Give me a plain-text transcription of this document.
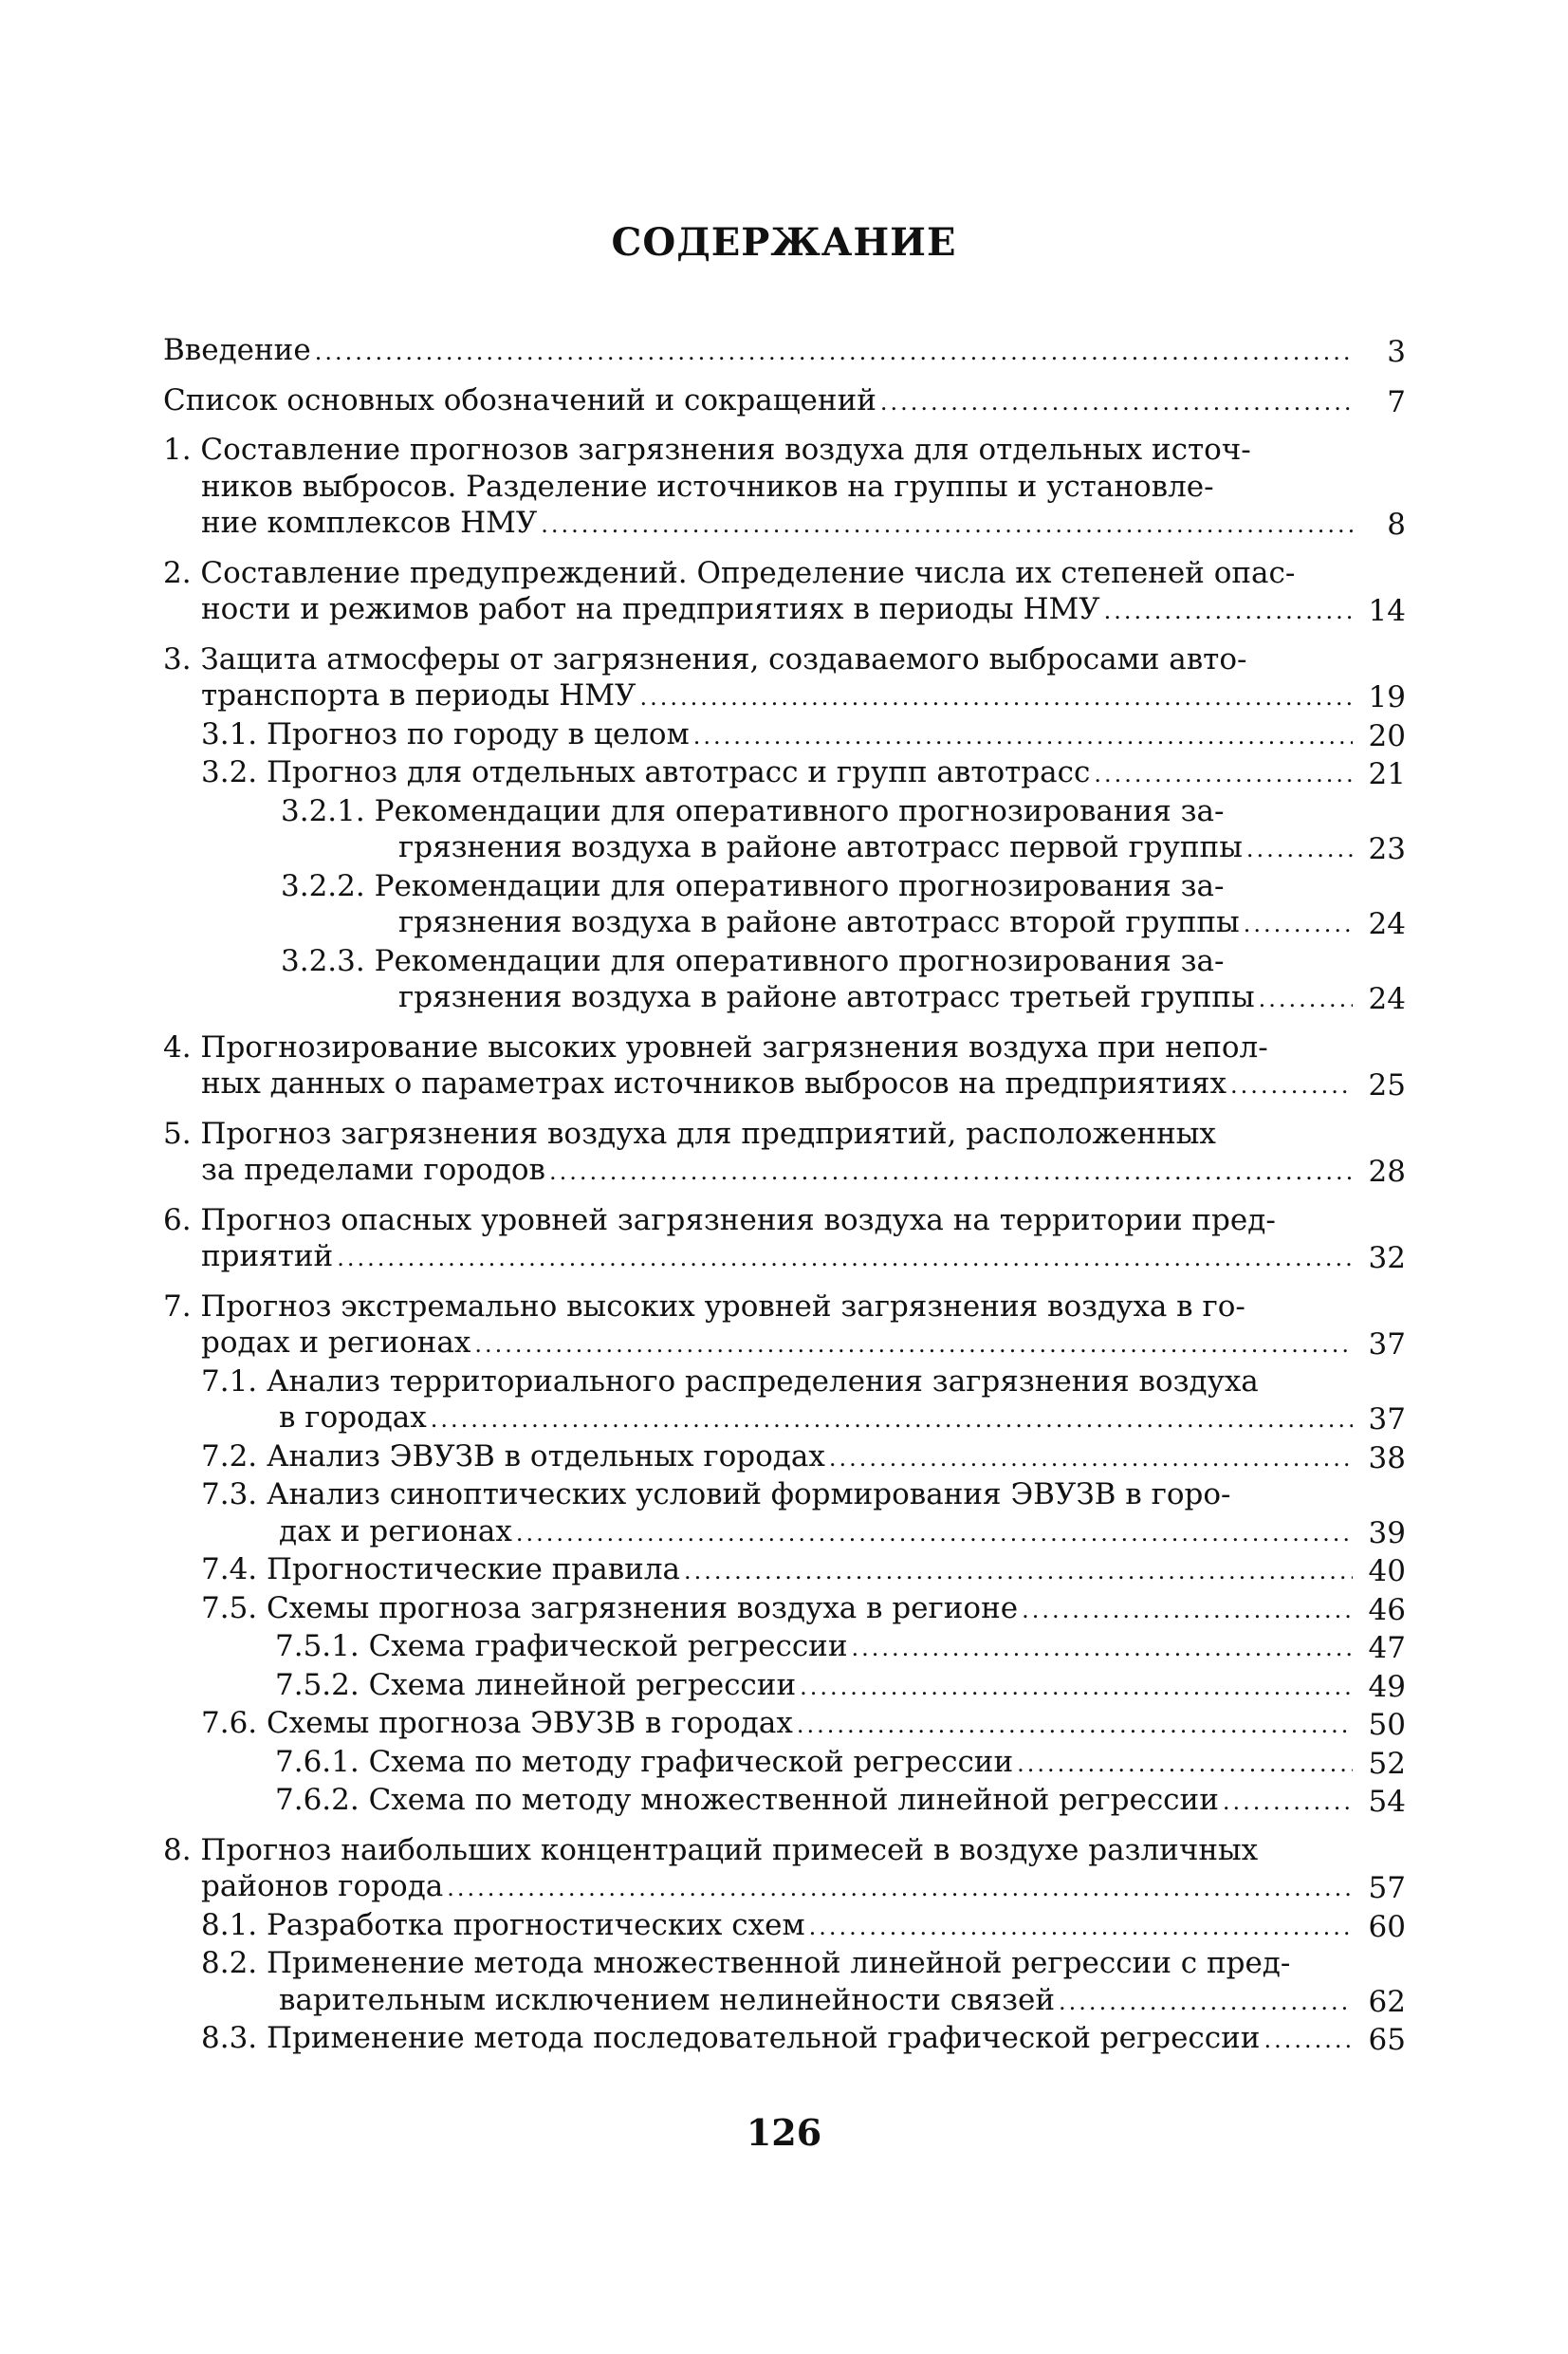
СОДЕРЖАНИЕ
Введение .....	3
Список основных обозначений и сокращений .....	7
1. Составление прогнозов загрязнения воздуха для отдельных источ-
ников выбросов. Разделение источников на группы и установле-
ние комплексов НМУ .....	8
2. Составление предупреждений. Определение числа их степеней опас-
ности и режимов работ на предприятиях в периоды НМУ .....	14
3. Защита атмосферы от загрязнения, создаваемого выбросами авто-
транспорта в периоды НМУ .....	19
3.1. Прогноз по городу в целом .....	20
3.2. Прогноз для отдельных автотрасс и групп автотрасс .....	21
3.2.1. Рекомендации для оперативного прогнозирования за-
грязнения воздуха в районе автотрасс первой группы .....	23
3.2.2. Рекомендации для оперативного прогнозирования за-
грязнения воздуха в районе автотрасс второй группы .....	24
3.2.3. Рекомендации для оперативного прогнозирования за-
грязнения воздуха в районе автотрасс третьей группы .....	24
4. Прогнозирование высоких уровней загрязнения воздуха при непол-
ных данных о параметрах источников выбросов на предприятиях .....	25
5. Прогноз загрязнения воздуха для предприятий, расположенных
за пределами городов .....	28
6. Прогноз опасных уровней загрязнения воздуха на территории пред-
приятий .....	32
7. Прогноз экстремально высоких уровней загрязнения воздуха в го-
родах и регионах .....	37
7.1. Анализ территориального распределения загрязнения воздуха
в городах .....	37
7.2. Анализ ЭВУЗВ в отдельных городах .....	38
7.3. Анализ синоптических условий формирования ЭВУЗВ в горо-
дах и регионах .....	39
7.4. Прогностические правила .....	40
7.5. Схемы прогноза загрязнения воздуха в регионе .....	46
7.5.1. Схема графической регрессии .....	47
7.5.2. Схема линейной регрессии .....	49
7.6. Схемы прогноза ЭВУЗВ в городах .....	50
7.6.1. Схема по методу графической регрессии .....	52
7.6.2. Схема по методу множественной линейной регрессии .....	54
8. Прогноз наибольших концентраций примесей в воздухе различных
районов города .....	57
8.1. Разработка прогностических схем .....	60
8.2. Применение метода множественной линейной регрессии с пред-
варительным исключением нелинейности связей .....	62
8.3. Применение метода последовательной графической регрессии .....	65
126
